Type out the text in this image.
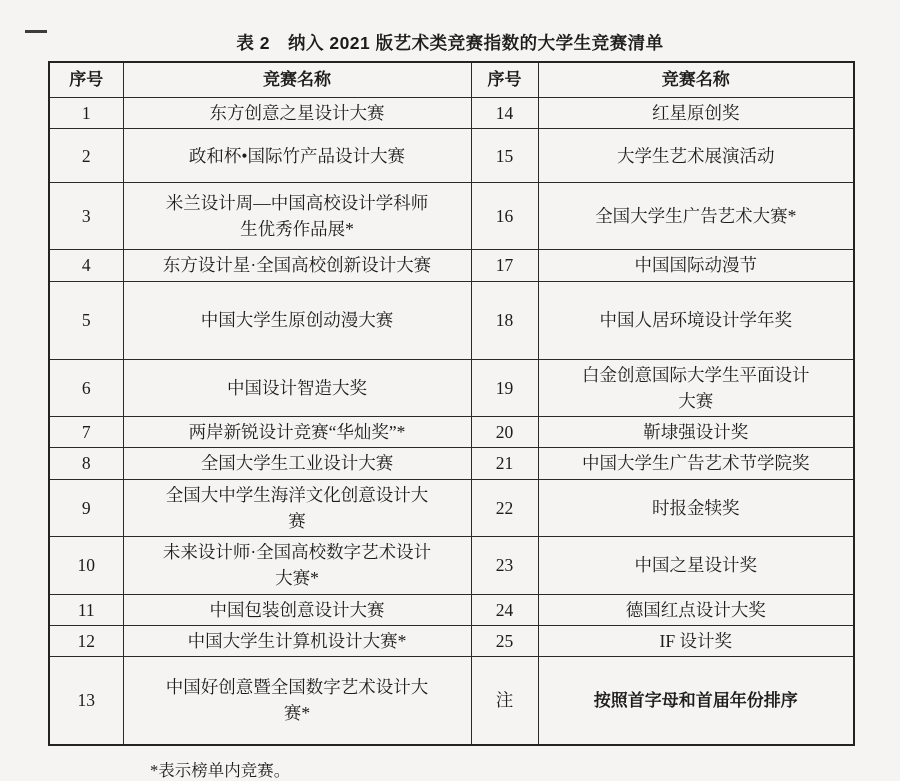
表 2　纳入 2021 版艺术类竞赛指数的大学生竞赛清单
序号	竞赛名称	序号	竞赛名称
1	东方创意之星设计大赛	14	红星原创奖
2	政和杯•国际竹产品设计大赛	15	大学生艺术展演活动
3	米兰设计周—中国高校设计学科师生优秀作品展*	16	全国大学生广告艺术大赛*
4	东方设计星·全国高校创新设计大赛	17	中国国际动漫节
5	中国大学生原创动漫大赛	18	中国人居环境设计学年奖
6	中国设计智造大奖	19	白金创意国际大学生平面设计大赛
7	两岸新锐设计竞赛“华灿奖”*	20	靳埭强设计奖
8	全国大学生工业设计大赛	21	中国大学生广告艺术节学院奖
9	全国大中学生海洋文化创意设计大赛	22	时报金犊奖
10	未来设计师·全国高校数字艺术设计大赛*	23	中国之星设计奖
11	中国包装创意设计大赛	24	德国红点设计大奖
12	中国大学生计算机设计大赛*	25	IF 设计奖
13	中国好创意暨全国数字艺术设计大赛*	注	按照首字母和首届年份排序
*表示榜单内竞赛。
